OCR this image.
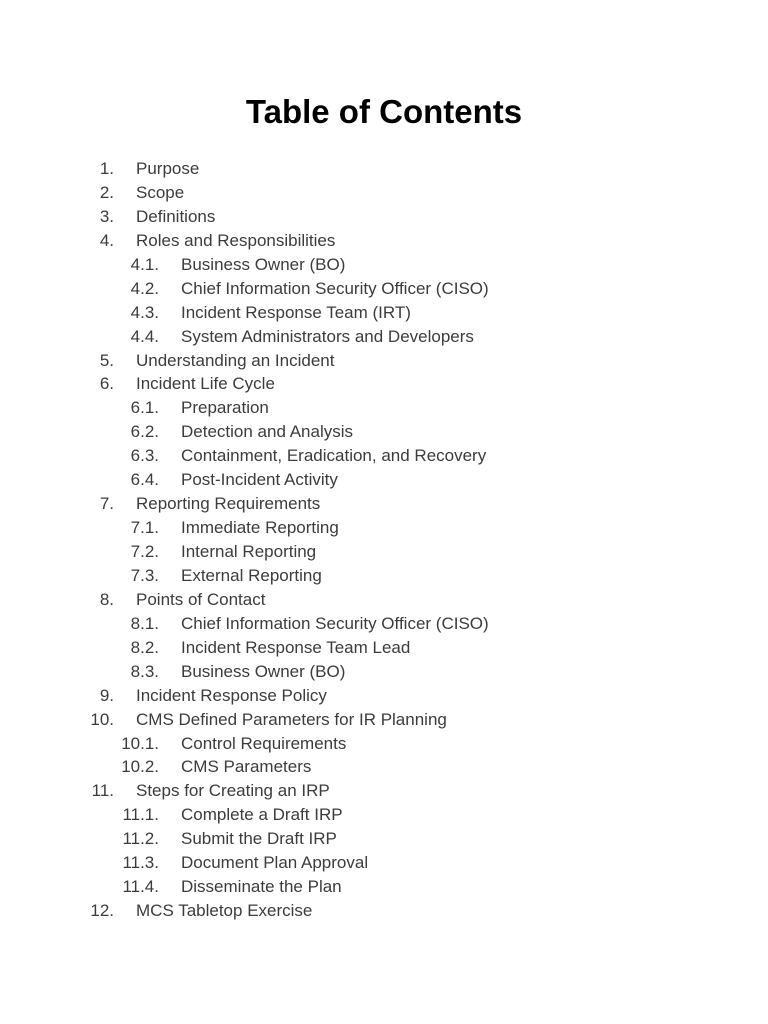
Table of Contents
1. Purpose
2. Scope
3. Definitions
4. Roles and Responsibilities
4.1. Business Owner (BO)
4.2. Chief Information Security Officer (CISO)
4.3. Incident Response Team (IRT)
4.4. System Administrators and Developers
5. Understanding an Incident
6. Incident Life Cycle
6.1. Preparation
6.2. Detection and Analysis
6.3. Containment, Eradication, and Recovery
6.4. Post-Incident Activity
7. Reporting Requirements
7.1. Immediate Reporting
7.2. Internal Reporting
7.3. External Reporting
8. Points of Contact
8.1. Chief Information Security Officer (CISO)
8.2. Incident Response Team Lead
8.3. Business Owner (BO)
9. Incident Response Policy
10. CMS Defined Parameters for IR Planning
10.1. Control Requirements
10.2. CMS Parameters
11. Steps for Creating an IRP
11.1. Complete a Draft IRP
11.2. Submit the Draft IRP
11.3. Document Plan Approval
11.4. Disseminate the Plan
12. MCS Tabletop Exercise
